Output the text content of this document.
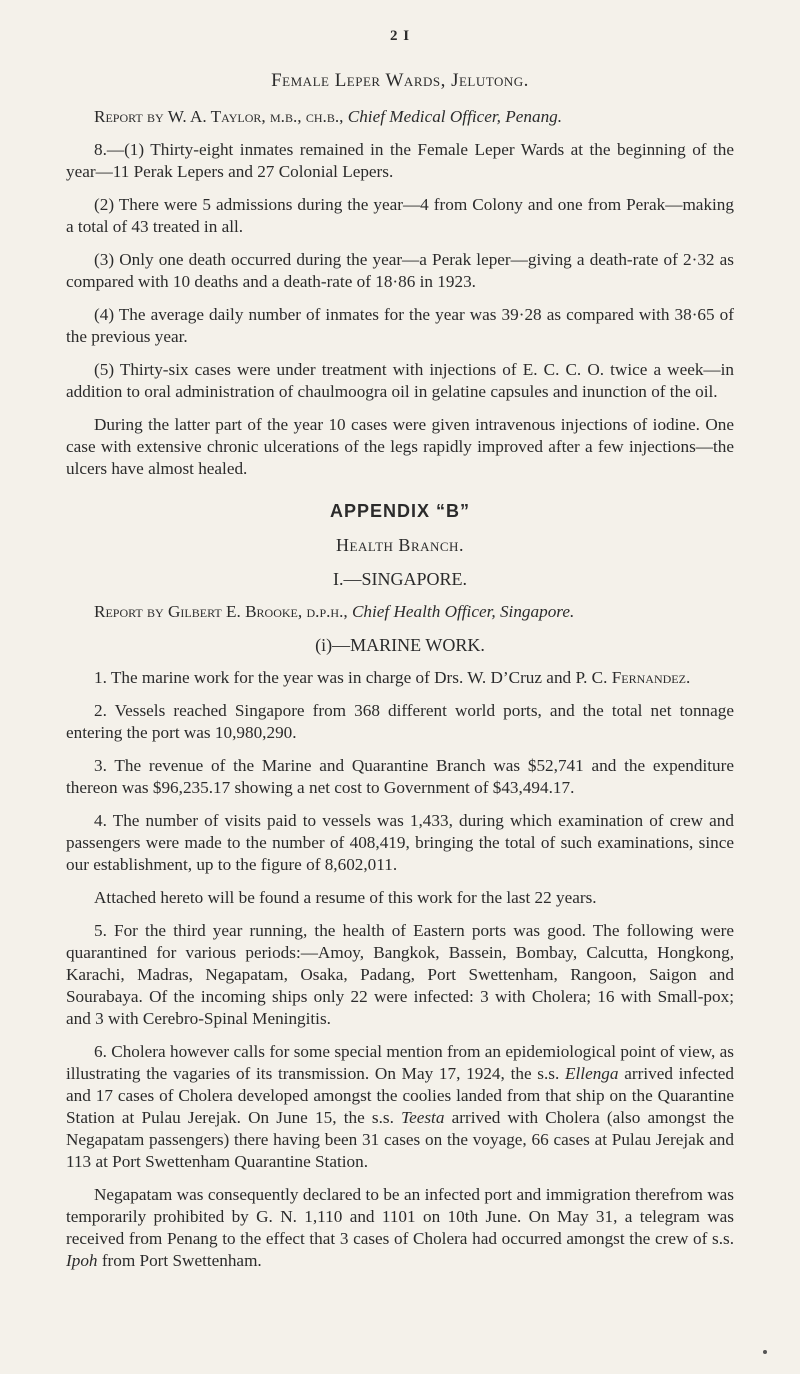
2 I
Female Leper Wards, Jelutong.

Report by W. A. Taylor, m.b., ch.b., Chief Medical Officer, Penang.

8.—(1) Thirty-eight inmates remained in the Female Leper Wards at the beginning of the year—11 Perak Lepers and 27 Colonial Lepers.

(2) There were 5 admissions during the year—4 from Colony and one from Perak—making a total of 43 treated in all.

(3) Only one death occurred during the year—a Perak leper—giving a death-rate of 2·32 as compared with 10 deaths and a death-rate of 18·86 in 1923.

(4) The average daily number of inmates for the year was 39·28 as compared with 38·65 of the previous year.

(5) Thirty-six cases were under treatment with injections of E. C. C. O. twice a week—in addition to oral administration of chaulmoogra oil in gelatine capsules and inunction of the oil.

During the latter part of the year 10 cases were given intravenous injections of iodine. One case with extensive chronic ulcerations of the legs rapidly improved after a few injections—the ulcers have almost healed.

APPENDIX “B”
Health Branch.
I.—SINGAPORE.

Report by Gilbert E. Brooke, d.p.h., Chief Health Officer, Singapore.

(i)—MARINE WORK.

1. The marine work for the year was in charge of Drs. W. D’Cruz and P. C. Fernandez.

2. Vessels reached Singapore from 368 different world ports, and the total net tonnage entering the port was 10,980,290.

3. The revenue of the Marine and Quarantine Branch was $52,741 and the expenditure thereon was $96,235.17 showing a net cost to Government of $43,494.17.

4. The number of visits paid to vessels was 1,433, during which examination of crew and passengers were made to the number of 408,419, bringing the total of such examinations, since our establishment, up to the figure of 8,602,011.

Attached hereto will be found a resume of this work for the last 22 years.

5. For the third year running, the health of Eastern ports was good. The following were quarantined for various periods:—Amoy, Bangkok, Bassein, Bombay, Calcutta, Hongkong, Karachi, Madras, Negapatam, Osaka, Padang, Port Swettenham, Rangoon, Saigon and Sourabaya. Of the incoming ships only 22 were infected: 3 with Cholera; 16 with Small-pox; and 3 with Cerebro-Spinal Meningitis.

6. Cholera however calls for some special mention from an epidemiological point of view, as illustrating the vagaries of its transmission. On May 17, 1924, the s.s. Ellenga arrived infected and 17 cases of Cholera developed amongst the coolies landed from that ship on the Quarantine Station at Pulau Jerejak. On June 15, the s.s. Teesta arrived with Cholera (also amongst the Negapatam passengers) there having been 31 cases on the voyage, 66 cases at Pulau Jerejak and 113 at Port Swettenham Quarantine Station.

Negapatam was consequently declared to be an infected port and immigration therefrom was temporarily prohibited by G. N. 1,110 and 1101 on 10th June. On May 31, a telegram was received from Penang to the effect that 3 cases of Cholera had occurred amongst the crew of s.s. Ipoh from Port Swettenham.
